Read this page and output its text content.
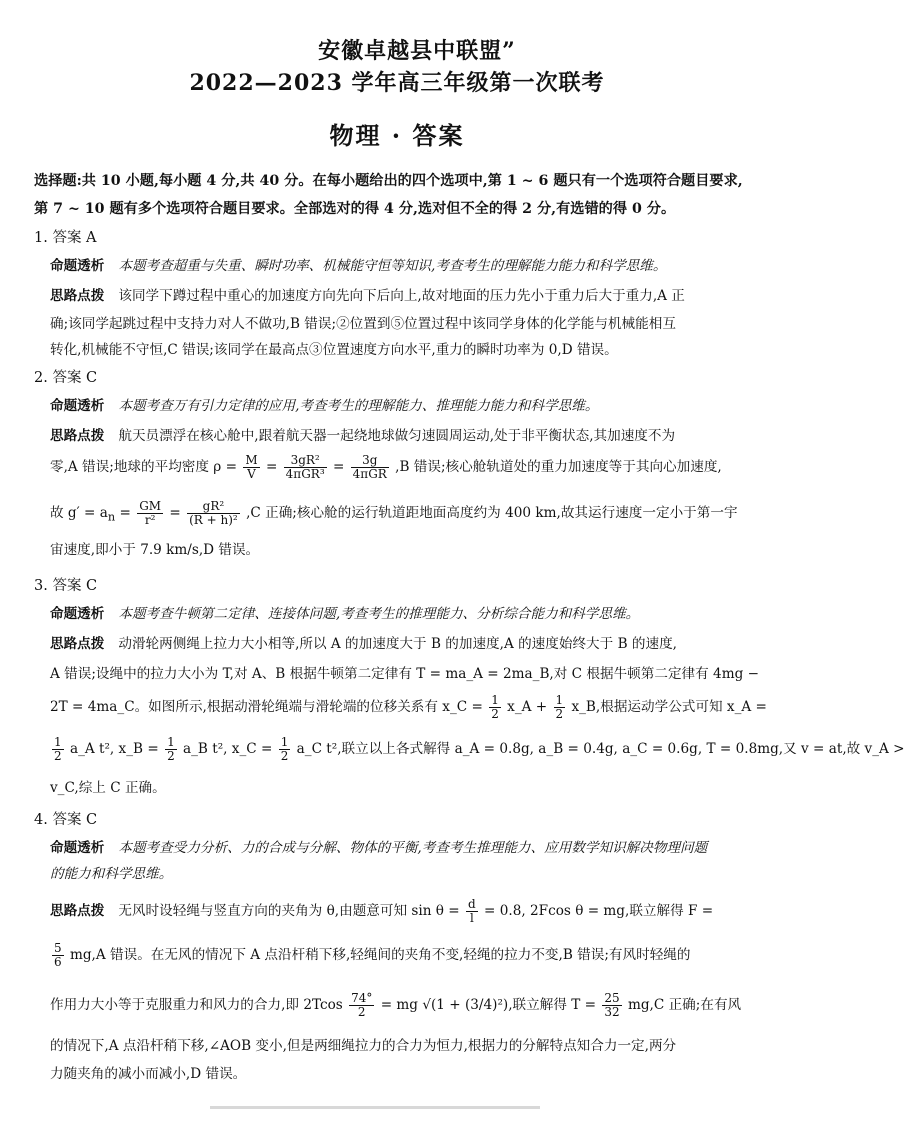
安徽卓越县中联盟”
2022—2023 学年高三年级第一次联考
物理 · 答案
选择题:共 10 小题,每小题 4 分,共 40 分。在每小题给出的四个选项中,第 1 ~ 6 题只有一个选项符合题目要求,
第 7 ~ 10 题有多个选项符合题目要求。全部选对的得 4 分,选对但不全的得 2 分,有选错的得 0 分。
1. 答案 A
命题透析 本题考查超重与失重、瞬时功率、机械能守恒等知识,考查考生的理解能力能力和科学思维。
思路点拨 该同学下蹲过程中重心的加速度方向先向下后向上,故对地面的压力先小于重力后大于重力,A 正
确;该同学起跳过程中支持力对人不做功,B 错误;②位置到⑤位置过程中该同学身体的化学能与机械能相互
转化,机械能不守恒,C 错误;该同学在最高点③位置速度方向水平,重力的瞬时功率为 0,D 错误。
2. 答案 C
命题透析 本题考查万有引力定律的应用,考查考生的理解能力、推理能力能力和科学思维。
思路点拨 航天员漂浮在核心舱中,跟着航天器一起绕地球做匀速圆周运动,处于非平衡状态,其加速度不为
零,A 错误;地球的平均密度 $\rho = \frac{M}{V} = \frac{\text{3gR²}}{\text{4πGR³}} = \frac{3g}{\text{4πGR}} ,B$ 错误;核心舱轨道处的重力加速度等于其向心加速度,
故 $g' = a_n = \frac{GM}{\text{r²}} = \frac{\text{gR²}}{\text{(R + h)²}} ,C$ 正确;核心舱的运行轨道距地面高度约为 400 km,故其运行速度一定小于第一宇
宙速度,即小于 7.9 km/s,D 错误。
3. 答案 C
命题透析 本题考查牛顿第二定律、连接体问题,考查考生的推理能力、分析综合能力和科学思维。
思路点拨 动滑轮两侧绳上拉力大小相等,所以 A 的加速度大于 B 的加速度,A 的速度始终大于 B 的速度,
A 错误;设绳中的拉力大小为 T,对 A、B 根据牛顿第二定律有 T = ma_A = 2ma_B,对 C 根据牛顿第二定律有 4mg −
2T = 4ma_C。如图所示,根据动滑轮绳端与滑轮端的位移关系有 x_C = $\frac{1}{2}$ x_A + $\frac{1}{2}$ x_B,根据运动学公式可知 x_A =
$\frac{1}{2}$ a_A t², x_B = $\frac{1}{2}$ a_B t², x_C = $\frac{1}{2}$ a_C t²,联立以上各式解得 a_A = 0.8g, a_B = 0.4g, a_C = 0.6g, T = 0.8mg,又 v = at,故 v_A >
v_C,综上 C 正确。
4. 答案 C
命题透析 本题考查受力分析、力的合成与分解、物体的平衡,考查考生推理能力、应用数学知识解决物理问题
的能力和科学思维。
思路点拨 无风时设轻绳与竖直方向的夹角为 θ,由题意可知 $\sin \theta = \frac{d}{l} = 0.8$, 2Fcos θ = mg,联立解得 F =
$\frac{5}{6} mg,A$ 错误。在无风的情况下 A 点沿杆稍下移,轻绳间的夹角不变,轻绳的拉力不变,B 错误;有风时轻绳的
作用力大小等于克服重力和风力的合力,即 $2Tcos \frac{74^\circ}{2}$ = mg √(1 + (3/4)²),联立解得 $T = \frac{25}{32} mg,C$ 正确;在有风
的情况下,A 点沿杆稍下移,∠AOB 变小,但是两细绳拉力的合力为恒力,根据力的分解特点知合力一定,两分
力随夹角的减小而减小,D 错误。
